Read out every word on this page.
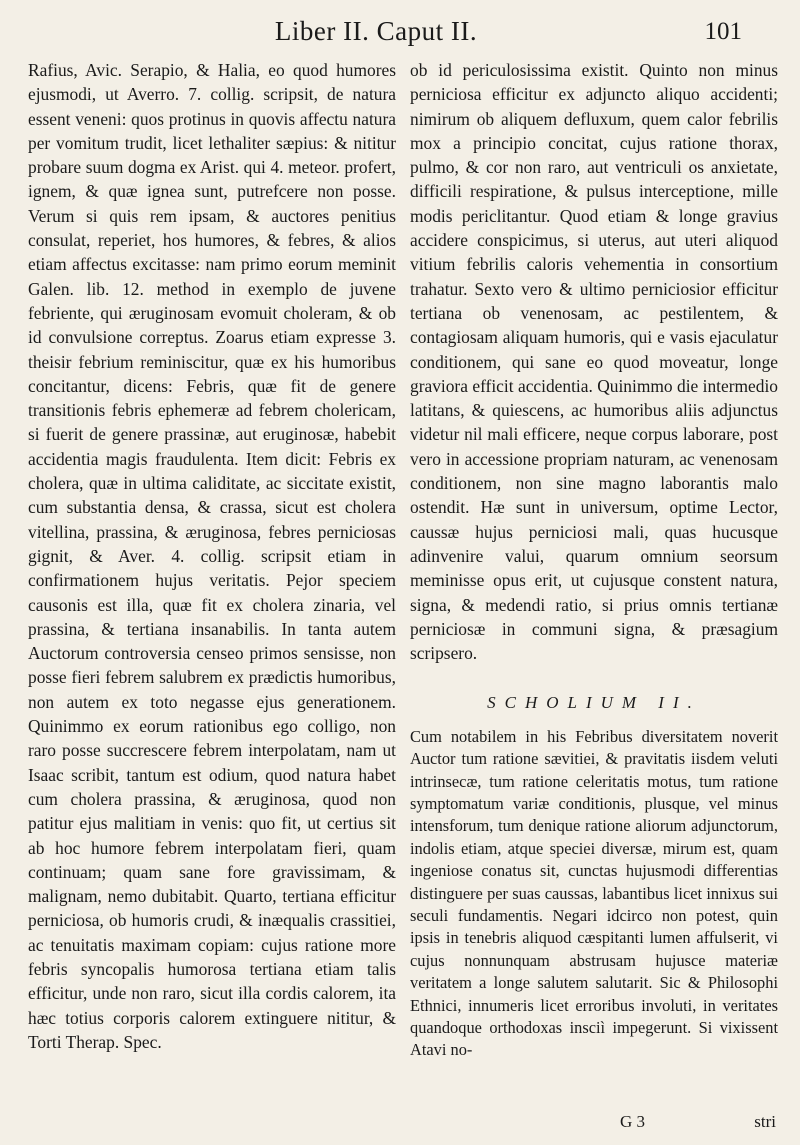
Liber II. Caput II.	101

Rafius, Avic. Serapio, & Halia, eo quod humores ejusmodi, ut Averro. 7. collig. scripsit, de natura essent veneni: quos protinus in quovis affectu natura per vomitum trudit, licet lethaliter sæpius: & nititur probare suum dogma ex Arist. qui 4. meteor. profert, ignem, & quæ ignea sunt, putrefcere non posse. Verum si quis rem ipsam, & auctores penitius consulat, reperiet, hos humores, & febres, & alios etiam affectus excitasse: nam primo eorum meminit Galen. lib. 12. method in exemplo de juvene febriente, qui æruginosam evomuit choleram, & ob id convulsione correptus. Zoarus etiam expresse 3. theisir febrium reminiscitur, quæ ex his humoribus concitantur, dicens: Febris, quæ fit de genere transitionis febris ephemeræ ad febrem cholericam, si fuerit de genere prassinæ, aut eruginosæ, habebit accidentia magis fraudulenta. Item dicit: Febris ex cholera, quæ in ultima caliditate, ac siccitate existit, cum substantia densa, & crassa, sicut est cholera vitellina, prassina, & æruginosa, febres perniciosas gignit, & Aver. 4. collig. scripsit etiam in confirmationem hujus veritatis. Pejor speciem causonis est illa, quæ fit ex cholera zinaria, vel prassina, & tertiana insanabilis. In tanta autem Auctorum controversia censeo primos sensisse, non posse fieri febrem salubrem ex prædictis humoribus, non autem ex toto negasse ejus generationem. Quinimmo ex eorum rationibus ego colligo, non raro posse succrescere febrem interpolatam, nam ut Isaac scribit, tantum est odium, quod natura habet cum cholera prassina, & æruginosa, quod non patitur ejus malitiam in venis: quo fit, ut certius sit ab hoc humore febrem interpolatam fieri, quam continuam; quam sane fore gravissimam, & malignam, nemo dubitabit. Quarto, tertiana efficitur perniciosa, ob humoris crudi, & inæqualis crassitiei, ac tenuitatis maximam copiam: cujus ratione more febris syncopalis humorosa tertiana etiam talis efficitur, unde non raro, sicut illa cordis calorem, ita hæc totius corporis calorem extinguere nititur, & Torti Therap. Spec.

ob id periculosissima existit. Quinto non minus perniciosa efficitur ex adjuncto aliquo accidenti; nimirum ob aliquem defluxum, quem calor febrilis mox a principio concitat, cujus ratione thorax, pulmo, & cor non raro, aut ventriculi os anxietate, difficili respiratione, & pulsus interceptione, mille modis periclitantur. Quod etiam & longe gravius accidere conspicimus, si uterus, aut uteri aliquod vitium febrilis caloris vehementia in consortium trahatur. Sexto vero & ultimo perniciosior efficitur tertiana ob venenosam, ac pestilentem, & contagiosam aliquam humoris, qui e vasis ejaculatur conditionem, qui sane eo quod moveatur, longe graviora efficit accidentia. Quinimmo die intermedio latitans, & quiescens, ac humoribus aliis adjunctus videtur nil mali efficere, neque corpus laborare, post vero in accessione propriam naturam, ac venenosam conditionem, non sine magno laborantis malo ostendit. Hæ sunt in universum, optime Lector, caussæ hujus perniciosi mali, quas hucusque adinvenire valui, quarum omnium seorsum meminisse opus erit, ut cujusque constent natura, signa, & medendi ratio, si prius omnis tertianæ perniciosæ in communi signa, & præsagium scripsero.

SCHOLIUM II.

Cum notabilem in his Febribus diversitatem noverit Auctor tum ratione sævitiei, & pravitatis iisdem veluti intrinsecæ, tum ratione celeritatis motus, tum ratione symptomatum variæ conditionis, plusque, vel minus intensforum, tum denique ratione aliorum adjunctorum, indolis etiam, atque speciei diversæ, mirum est, quam ingeniose conatus sit, cunctas hujusmodi differentias distinguere per suas caussas, labantibus licet innixus sui seculi fundamentis. Negari idcirco non potest, quin ipsis in tenebris aliquod cæspitanti lumen affulserit, vi cujus nonnunquam abstrusam hujusce materiæ veritatem a longe salutem salutarit. Sic & Philosophi Ethnici, innumeris licet erroribus involuti, in veritates quandoque orthodoxas insciì impegerunt. Si vixissent Atavi no-

G 3	stri
